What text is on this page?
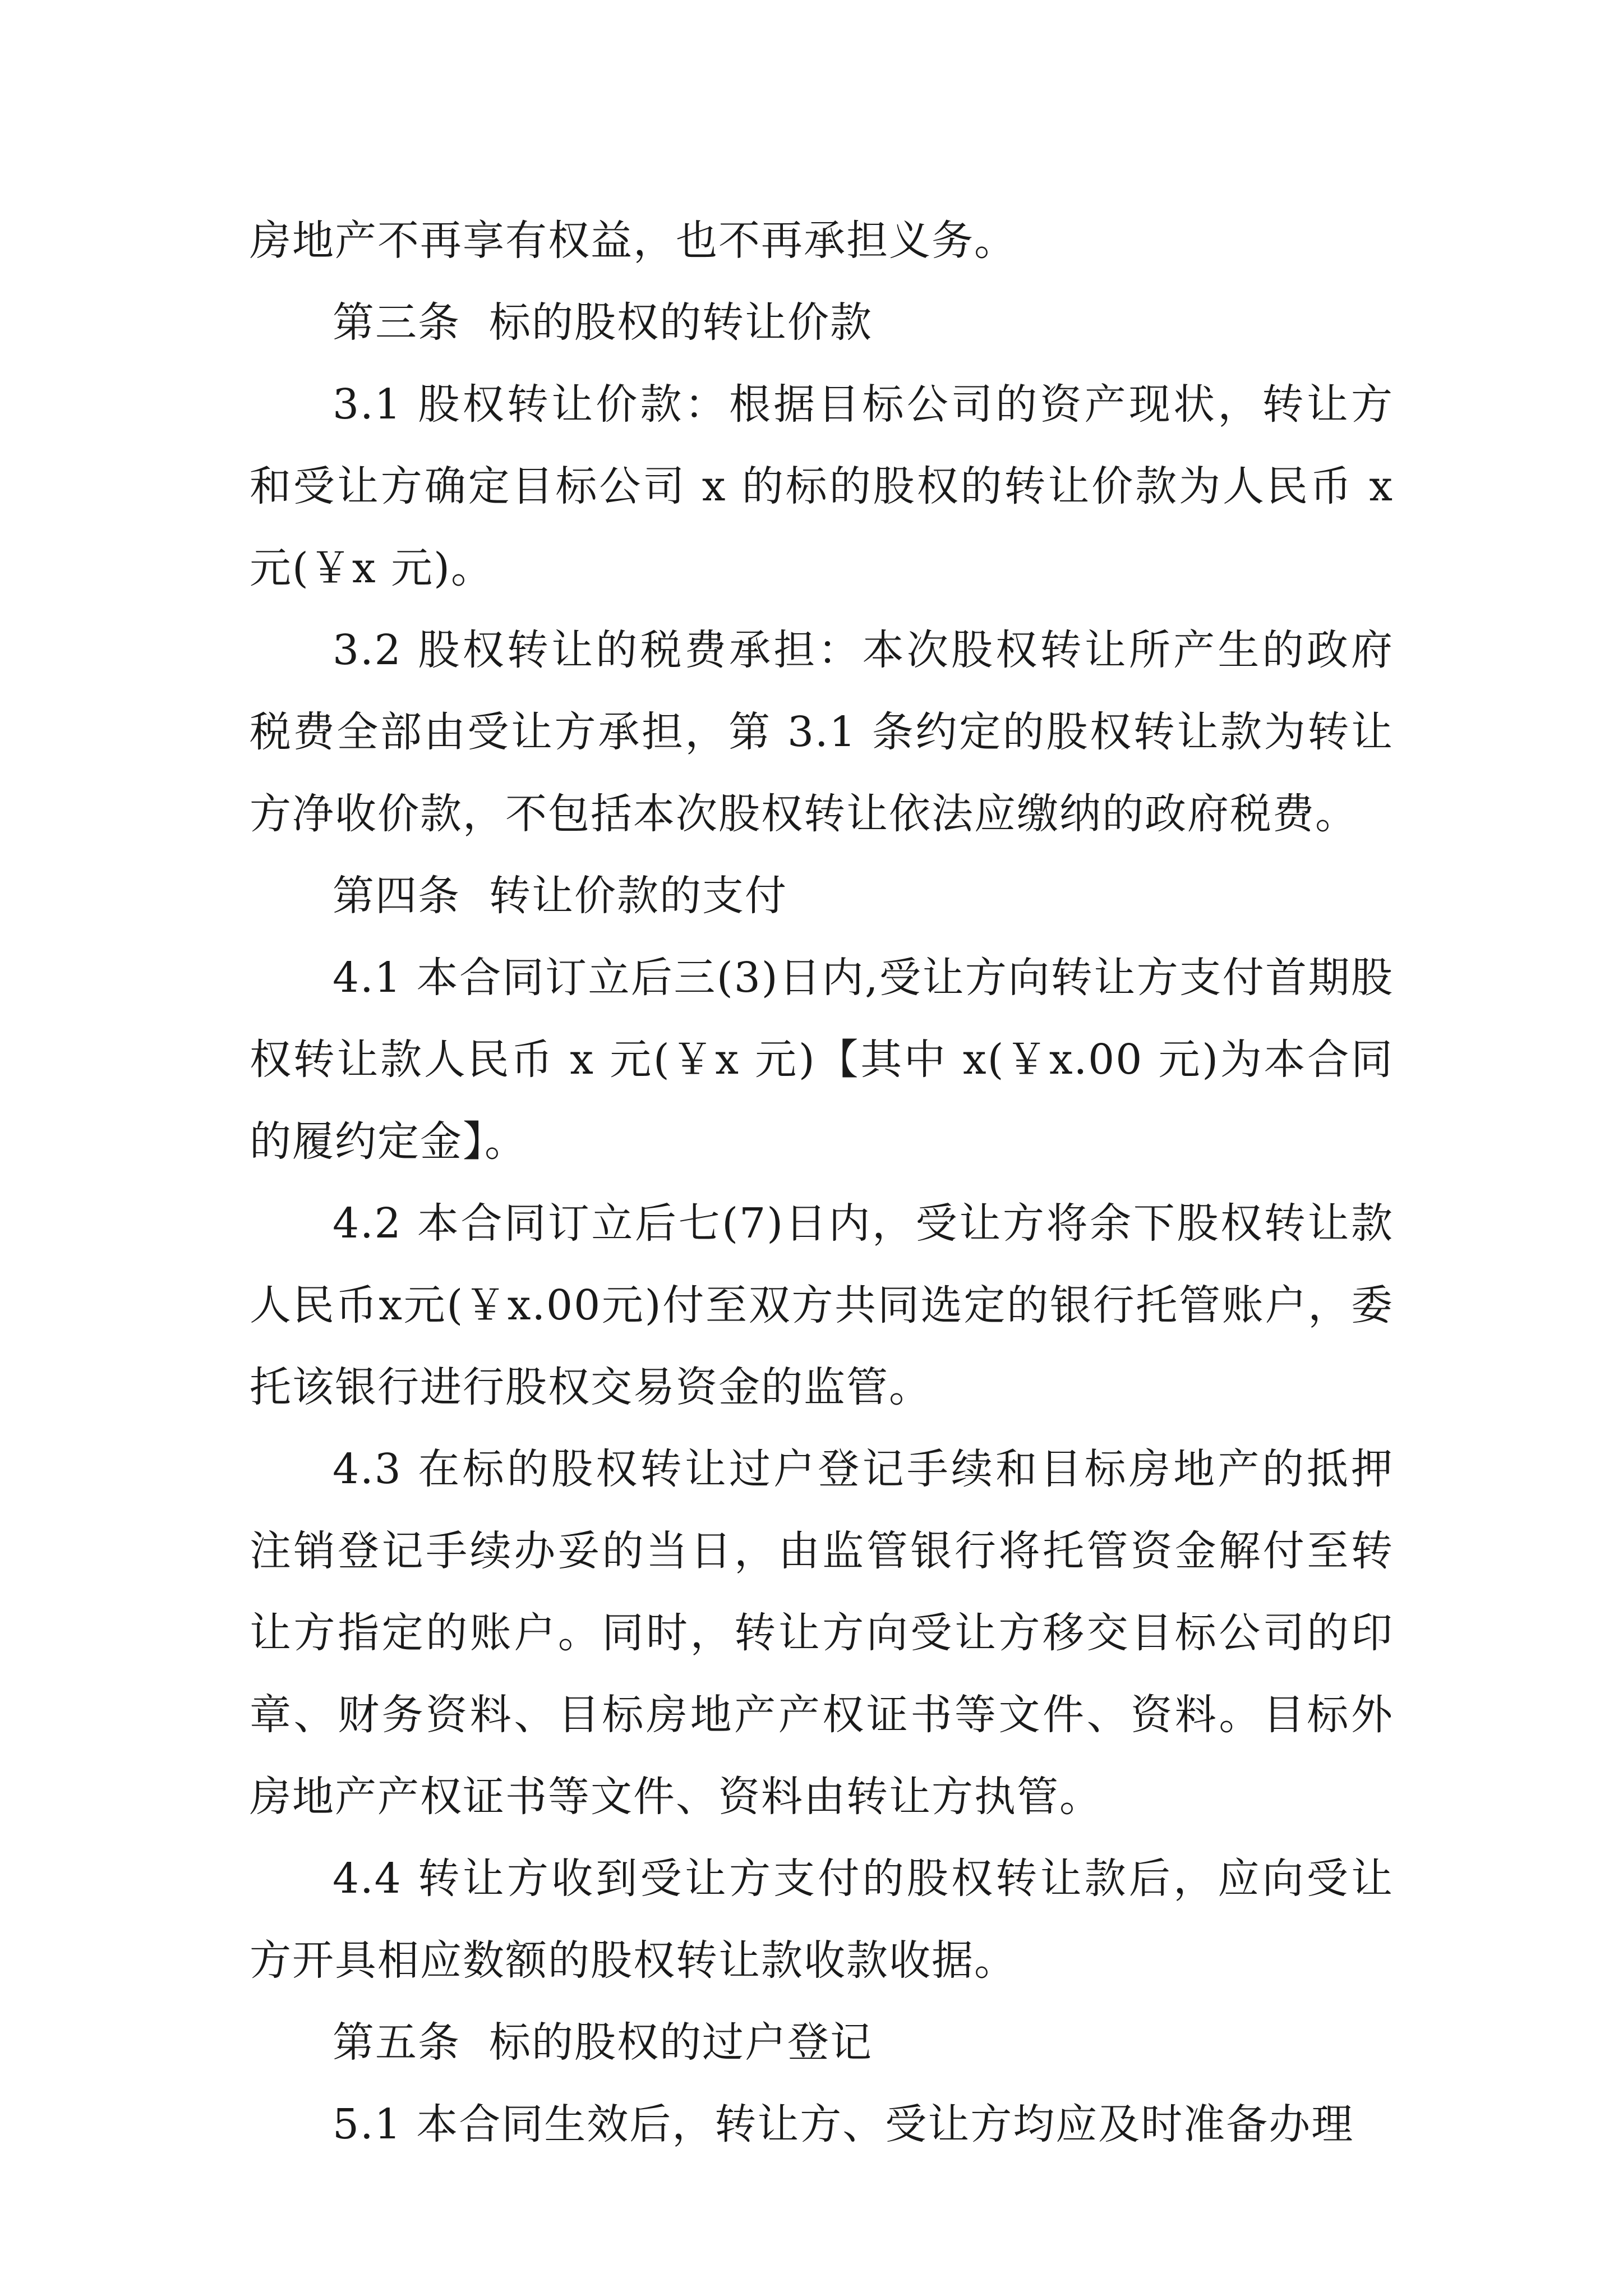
房地产不再享有权益，也不再承担义务。

第三条  标的股权的转让价款

3.1 股权转让价款：根据目标公司的资产现状，转让方和受让方确定目标公司 x 的标的股权的转让价款为人民币 x 元(￥x 元)。

3.2 股权转让的税费承担：本次股权转让所产生的政府税费全部由受让方承担，第 3.1 条约定的股权转让款为转让方净收价款，不包括本次股权转让依法应缴纳的政府税费。

第四条  转让价款的支付

4.1 本合同订立后三(3)日内,受让方向转让方支付首期股权转让款人民币 x 元(￥x 元)【其中 x(￥x.00 元)为本合同的履约定金】。

4.2 本合同订立后七(7)日内，受让方将余下股权转让款人民币x元(￥x.00元)付至双方共同选定的银行托管账户，委托该银行进行股权交易资金的监管。

4.3 在标的股权转让过户登记手续和目标房地产的抵押注销登记手续办妥的当日，由监管银行将托管资金解付至转让方指定的账户。同时，转让方向受让方移交目标公司的印章、财务资料、目标房地产产权证书等文件、资料。目标外房地产产权证书等文件、资料由转让方执管。

4.4 转让方收到受让方支付的股权转让款后，应向受让方开具相应数额的股权转让款收款收据。

第五条  标的股权的过户登记

5.1 本合同生效后，转让方、受让方均应及时准备办理
